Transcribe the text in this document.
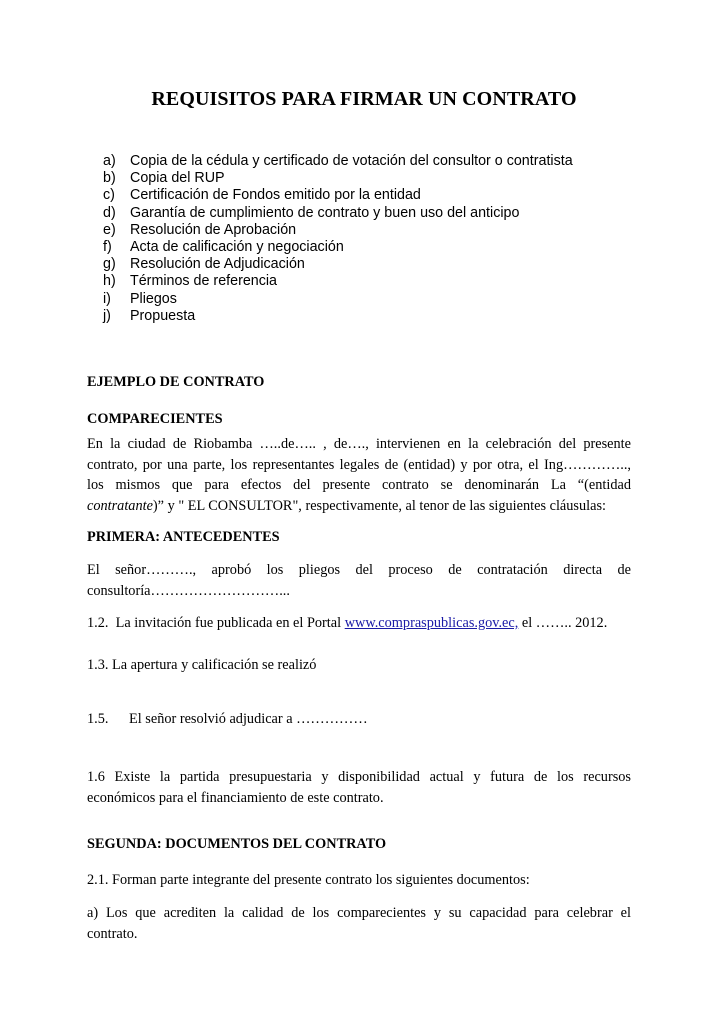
REQUISITOS PARA FIRMAR UN CONTRATO
a) Copia de la cédula y certificado de votación del consultor o contratista
b) Copia del RUP
c) Certificación de Fondos emitido por la entidad
d) Garantía de cumplimiento de contrato y buen uso del anticipo
e) Resolución de Aprobación
f) Acta de calificación y negociación
g) Resolución de Adjudicación
h) Términos de referencia
i) Pliegos
j) Propuesta
EJEMPLO DE CONTRATO
COMPARECIENTES
En la ciudad de Riobamba …..de….. , de…., intervienen en la celebración del presente
contrato, por una parte, los representantes legales de (entidad) y por otra, el Ing…………..,
los mismos que para efectos del presente contrato se denominarán La “(entidad
contratante)” y " EL CONSULTOR", respectivamente, al tenor de las siguientes cláusulas:
PRIMERA: ANTECEDENTES
El señor………., aprobó los pliegos del proceso de contratación directa de
consultoría………………………...
1.2. La invitación fue publicada en el Portal www.compraspublicas.gov.ec, el …….. 2012.
1.3. La apertura y calificación se realizó
1.5. El señor resolvió adjudicar a ……………
1.6 Existe la partida presupuestaria y disponibilidad actual y futura de los recursos
económicos para el financiamiento de este contrato.
SEGUNDA: DOCUMENTOS DEL CONTRATO
2.1. Forman parte integrante del presente contrato los siguientes documentos:
a) Los que acrediten la calidad de los comparecientes y su capacidad para celebrar el
contrato.
